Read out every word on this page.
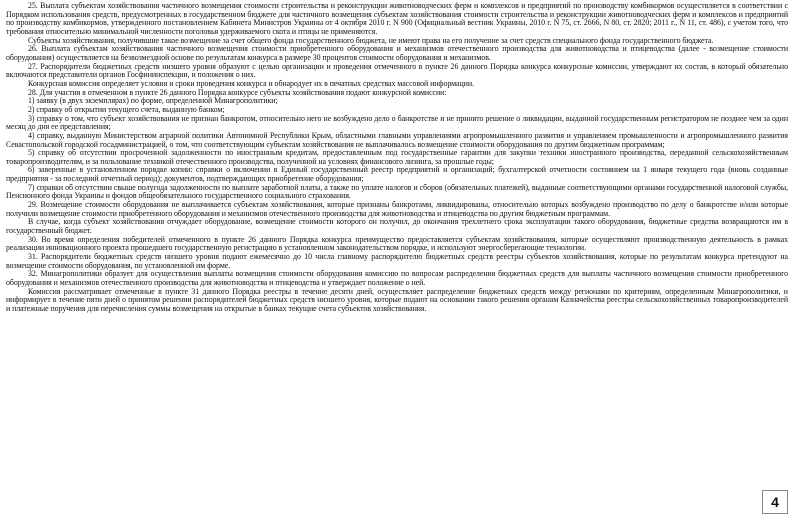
25. Выплата субъектам хозяйствования частичного возмещения стоимости строительства и реконструкции животноводческих ферм и комплексов и предприятий по производству комбикормов осуществляется в соответствии с Порядком использования средств, предусмотренных в государственном бюджете для частичного возмещения субъектам хозяйствования стоимости строительства и реконструкции животноводческих ферм и комплексов и предприятий по производству комбикормов, утвержденного постановлением Кабинета Министров Украины от 4 октября 2010 г. N 900 (Официальный вестник Украины, 2010 г. N 75, ст. 2666, N 80, ст. 2820; 2011 г., N 11, ст. 486), с учетом того, что требования относительно минимальной численности поголовья удерживаемого скота и птицы не применяются.

Субъекты хозяйствования, получившие такое возмещение за счет общего фонда государственного бюджета, не имеют права на его получение за счет средств специального фонда государственного бюджета.

26. Выплата субъектам хозяйствования частичного возмещения стоимости приобретенного оборудования и механизмов отечественного производства для животноводства и птицеводства (далее - возмещение стоимости оборудования) осуществляется на безвозмездной основе по результатам конкурса в размере 30 процентов стоимости оборудования и механизмов.

27. Распорядители бюджетных средств низшего уровня образуют с целью организации и проведения отмеченного в пункте 26 данного Порядка конкурса конкурсные комиссии, утверждают их состав, в который обязательно включаются представители органов Госфининспекции, и положения о них.

Конкурсная комиссия определяет условия и сроки проведения конкурса и обнародует их в печатных средствах массовой информации.

28. Для участия в отмеченном в пункте 26 данного Порядка конкурсе субъекты хозяйствования подают конкурсной комиссии:

1) заявку (в двух экземплярах) по форме, определенной Минагрополитики;

2) справку об открытии текущего счета, выданную банком;

3) справку о том, что субъект хозяйствования не признан банкротом, относительно него не возбуждено дело о банкротстве и не принято решение о ликвидации, выданной государственным регистратором не позднее чем за один месяц до дня ее представления;

4) справку, выданную Министерством аграрной политики Автономной Республики Крым, областными главными управлениями агропромышленного развития и управлением промышленности и агропромышленного развития Севастопольской городской госадминистрацией, о том, что соответствующим субъектам хозяйствования не выплачивалось возмещение стоимости оборудования по другим бюджетным программам;

5) справку об отсутствии просроченной задолженности по иностранным кредитам, предоставленным под государственные гарантии для закупки техники иностранного производства, переданной сельскохозяйственным товаропроизводителям, и за пользование техникой отечественного производства, полученной на условиях финансового лизинга, за прошлые годы;

6) заверенные в установленном порядке копии: справки о включении в Единый государственный реестр предприятий и организаций; бухгалтерской отчетности состоянием на 1 января текущего года (вновь созданные предприятия - за последний отчетный период); документов, подтверждающих приобретение оборудования;

7) справки об отсутствии свыше полугода задолженности по выплате заработной платы, а также по уплате налогов и сборов (обязательных платежей), выданные соответствующими органами государственной налоговой службы, Пенсионного фонда Украины и фондов общеобязательного государственного социального страхования.

29. Возмещение стоимости оборудования не выплачивается субъектам хозяйствования, которые признаны банкротами, ликвидированы, относительно которых возбуждено производство по делу о банкротстве и/или которые получили возмещение стоимости приобретенного оборудования и механизмов отечественного производства для животноводства и птицеводства по другим бюджетным программам.

В случае, когда субъект хозяйствования отчуждает оборудование, возмещение стоимости которого он получил, до окончания трехлетнего срока эксплуатации такого оборудования, бюджетные средства возвращаются им в государственный бюджет.

30. Во время определения победителей отмеченного в пункте 26 данного Порядка конкурса преимущество предоставляется субъектам хозяйствования, которые осуществляют производственную деятельность в рамках реализации инновационного проекта прошедшего государственную регистрацию в установленном законодательством порядке, и используют энергосберегающие технологии.

31. Распорядители бюджетных средств низшего уровня подают ежемесячно до 10 числа главному распорядителю бюджетных средств реестры субъектов хозяйствования, которые по результатам конкурса претендуют на возмещение стоимости оборудования, по установленной им форме.

32. Минагрополитики образует для осуществления выплаты возмещения стоимости оборудования комиссию по вопросам распределения бюджетных средств для выплаты частичного возмещения стоимости приобретенного оборудования и механизмов отечественного производства для животноводства и птицеводства и утверждает положение о ней.

Комиссия рассматривает отмеченные в пункте 31 данного Порядка реестры в течение десяти дней, осуществляет распределение бюджетных средств между регионами по критериям, определенным Минагрополитики, и информирует в течение пяти дней о принятом решении распорядителей бюджетных средств низшего уровня, которые подают на основании такого решения органам Казначейства реестры сельскохозяйственных товаропроизводителей и платежные поручения для перечисления суммы возмещения на открытые в банках текущие счета субъектов хозяйствования.

4
